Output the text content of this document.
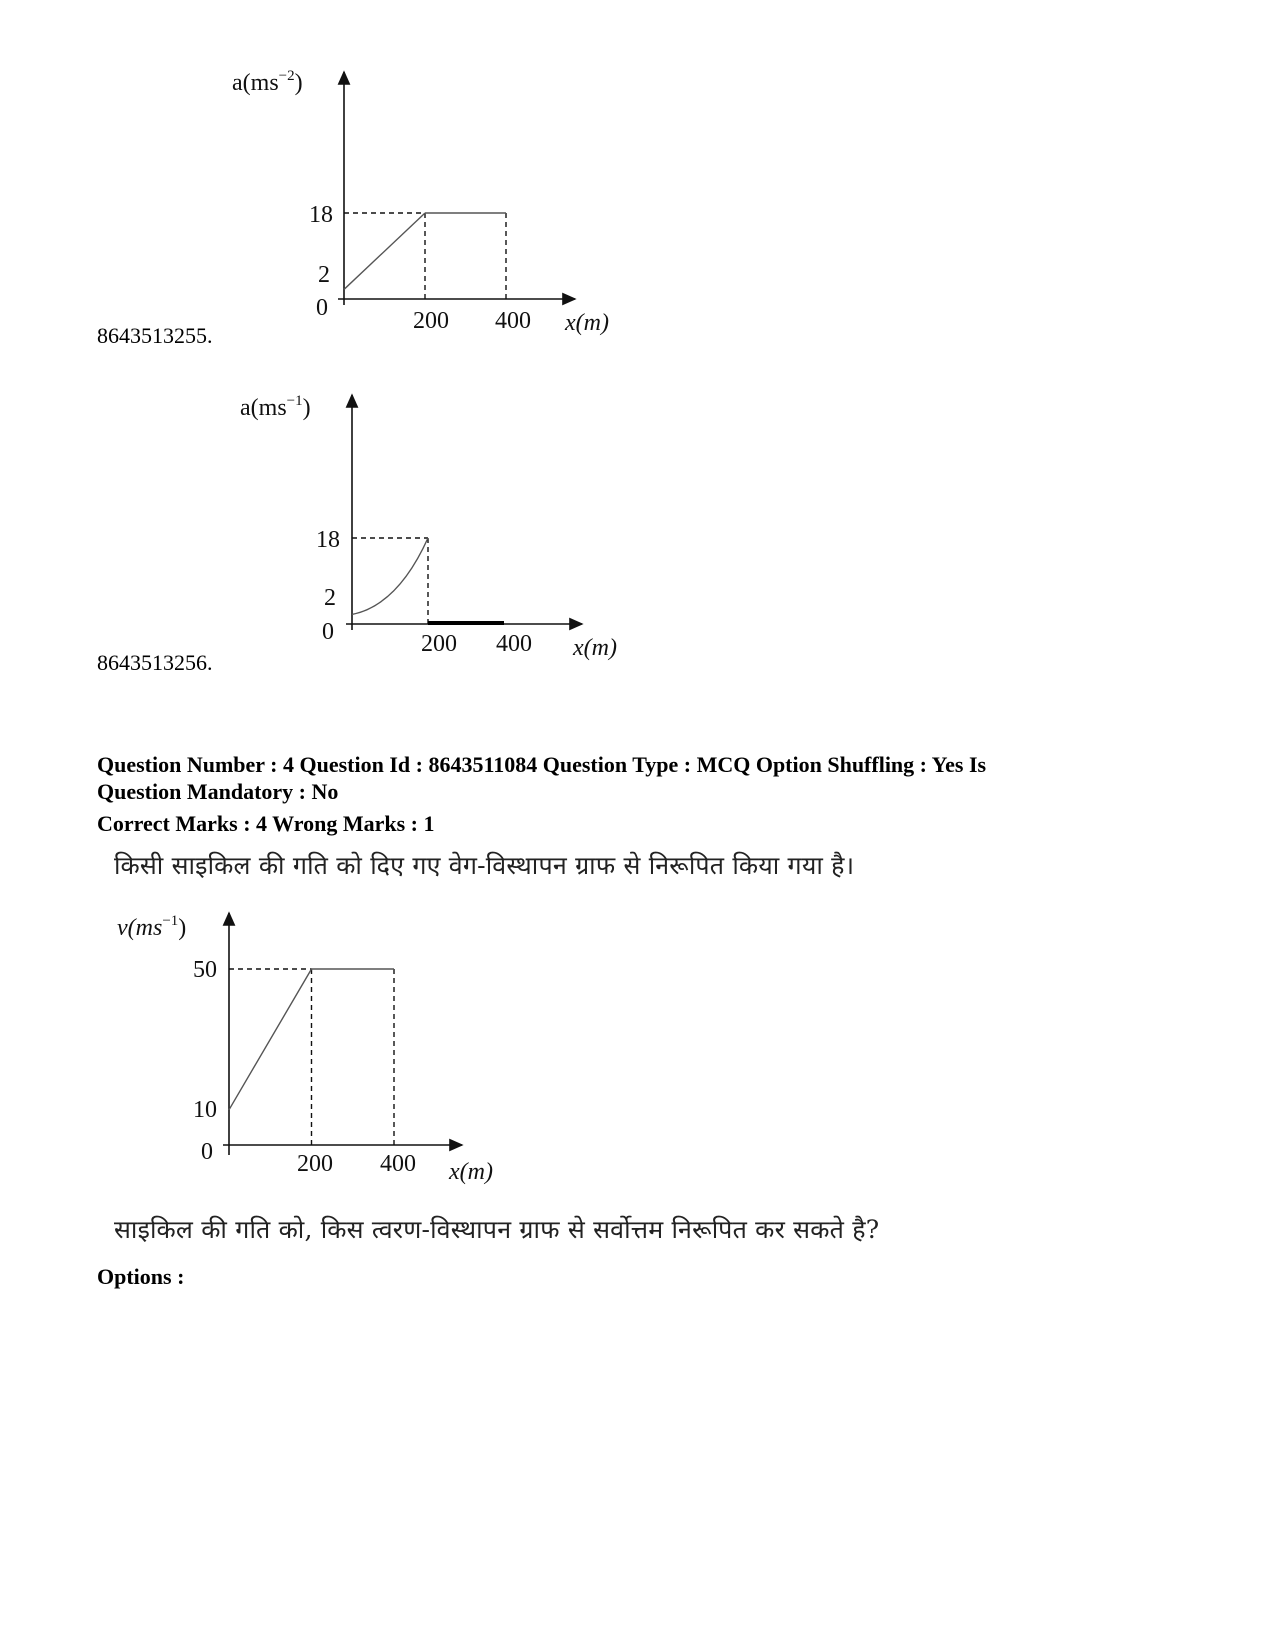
8643513255.
$a(ms^{-2})$
18
2
0	200 400 x(m)
8643513256.
$a(ms^{-1})$
18
2
0	200 400 x(m)
Question Number : 4 Question Id : 8643511084 Question Type : MCQ Option Shuffling : Yes Is
Question Mandatory : No
Correct Marks : 4 Wrong Marks : 1
किसी साइकिल की गति को दिए गए वेग-विस्थापन ग्राफ से निरूपित किया गया है।
$v(ms^{-1})$
50
10
0	200 400 x(m)
साइकिल की गति को, किस त्वरण-विस्थापन ग्राफ से सर्वोत्तम निरूपित कर सकते है?
Options :
